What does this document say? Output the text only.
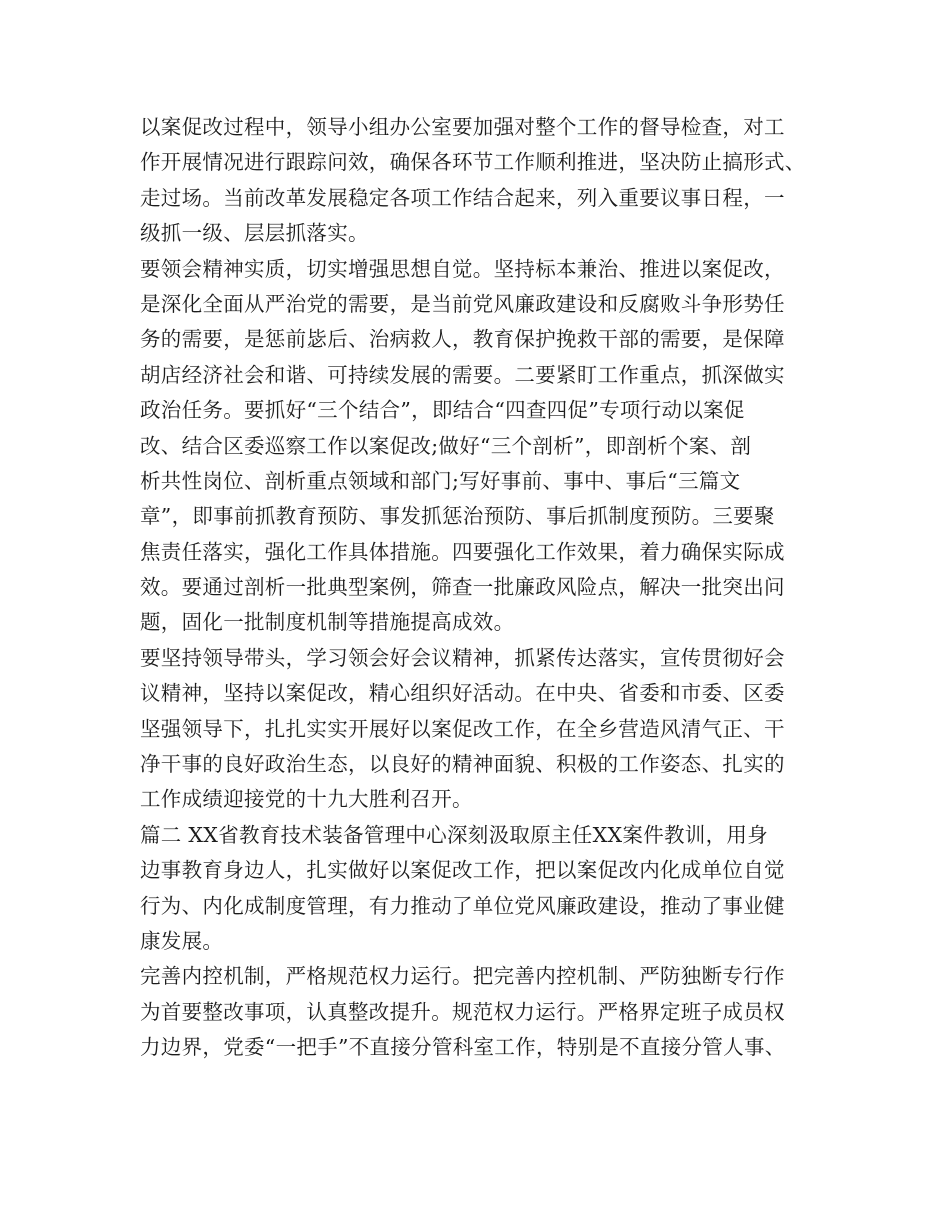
以案促改过程中，领导小组办公室要加强对整个工作的督导检查，对工
作开展情况进行跟踪问效，确保各环节工作顺利推进，坚决防止搞形式、
走过场。当前改革发展稳定各项工作结合起来，列入重要议事日程，一
级抓一级、层层抓落实。
要领会精神实质，切实增强思想自觉。坚持标本兼治、推进以案促改，
是深化全面从严治党的需要，是当前党风廉政建设和反腐败斗争形势任
务的需要，是惩前毖后、治病救人，教育保护挽救干部的需要，是保障
胡店经济社会和谐、可持续发展的需要。二要紧盯工作重点，抓深做实
政治任务。要抓好“三个结合”，即结合“四查四促”专项行动以案促
改、结合区委巡察工作以案促改;做好“三个剖析”，即剖析个案、剖
析共性岗位、剖析重点领域和部门;写好事前、事中、事后“三篇文
章”，即事前抓教育预防、事发抓惩治预防、事后抓制度预防。三要聚
焦责任落实，强化工作具体措施。四要强化工作效果，着力确保实际成
效。要通过剖析一批典型案例，筛查一批廉政风险点，解决一批突出问
题，固化一批制度机制等措施提高成效。
要坚持领导带头，学习领会好会议精神，抓紧传达落实，宣传贯彻好会
议精神，坚持以案促改，精心组织好活动。在中央、省委和市委、区委
坚强领导下，扎扎实实开展好以案促改工作，在全乡营造风清气正、干
净干事的良好政治生态，以良好的精神面貌、积极的工作姿态、扎实的
工作成绩迎接党的十九大胜利召开。
篇二 XX省教育技术装备管理中心深刻汲取原主任XX案件教训，用身
边事教育身边人，扎实做好以案促改工作，把以案促改内化成单位自觉
行为、内化成制度管理，有力推动了单位党风廉政建设，推动了事业健
康发展。
完善内控机制，严格规范权力运行。把完善内控机制、严防独断专行作
为首要整改事项，认真整改提升。规范权力运行。严格界定班子成员权
力边界，党委“一把手”不直接分管科室工作，特别是不直接分管人事、
